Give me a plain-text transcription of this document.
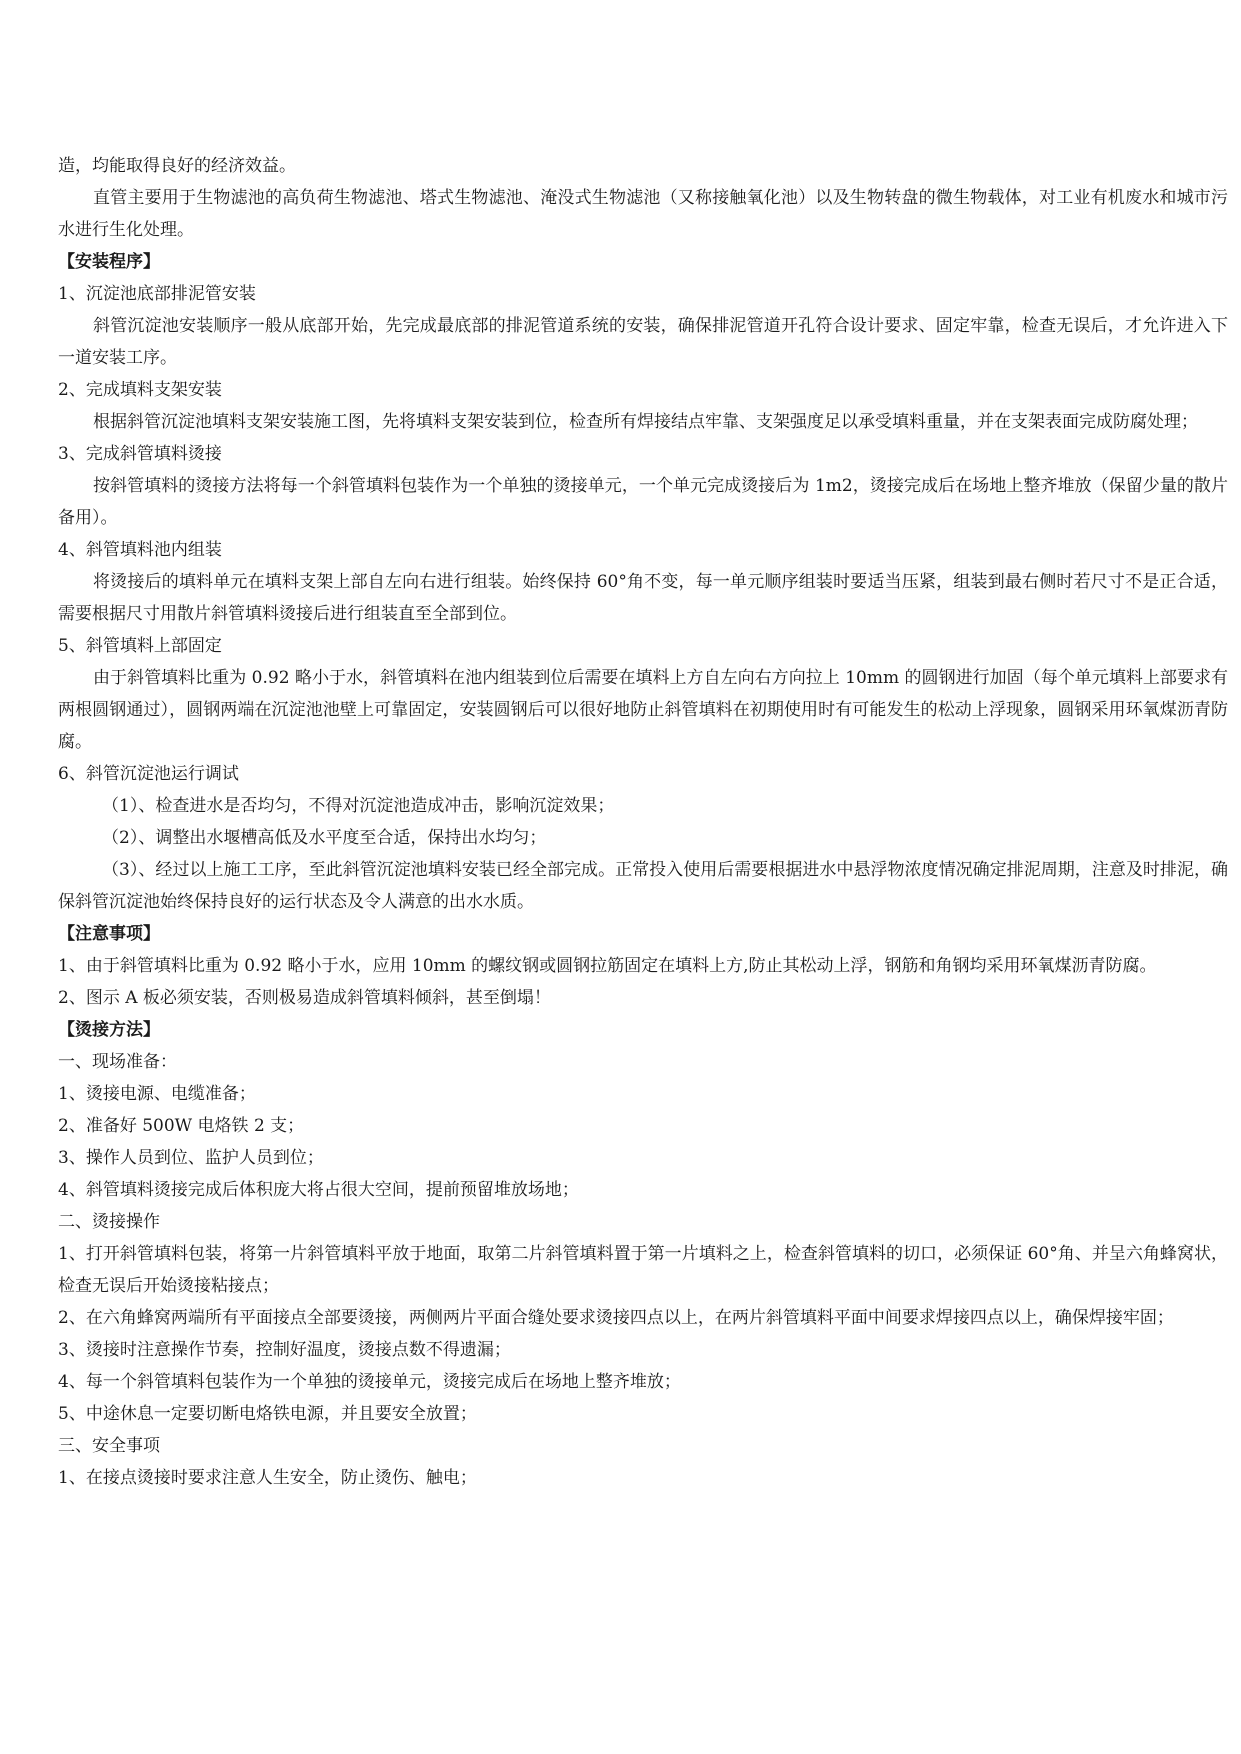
造，均能取得良好的经济效益。

直管主要用于生物滤池的高负荷生物滤池、塔式生物滤池、淹没式生物滤池（又称接触氧化池）以及生物转盘的微生物载体，对工业有机废水和城市污水进行生化处理。

【安装程序】

1、沉淀池底部排泥管安装

斜管沉淀池安装顺序一般从底部开始，先完成最底部的排泥管道系统的安装，确保排泥管道开孔符合设计要求、固定牢靠，检查无误后，才允许进入下一道安装工序。

2、完成填料支架安装

根据斜管沉淀池填料支架安装施工图，先将填料支架安装到位，检查所有焊接结点牢靠、支架强度足以承受填料重量，并在支架表面完成防腐处理；

3、完成斜管填料烫接

按斜管填料的烫接方法将每一个斜管填料包装作为一个单独的烫接单元，一个单元完成烫接后为 1m2，烫接完成后在场地上整齐堆放（保留少量的散片备用）。

4、斜管填料池内组装

将烫接后的填料单元在填料支架上部自左向右进行组装。始终保持 60°角不变，每一单元顺序组装时要适当压紧，组装到最右侧时若尺寸不是正合适，需要根据尺寸用散片斜管填料烫接后进行组装直至全部到位。

5、斜管填料上部固定

由于斜管填料比重为 0.92 略小于水，斜管填料在池内组装到位后需要在填料上方自左向右方向拉上 10mm 的圆钢进行加固（每个单元填料上部要求有两根圆钢通过），圆钢两端在沉淀池池壁上可靠固定，安装圆钢后可以很好地防止斜管填料在初期使用时有可能发生的松动上浮现象，圆钢采用环氧煤沥青防腐。

6、斜管沉淀池运行调试

（1）、检查进水是否均匀，不得对沉淀池造成冲击，影响沉淀效果；

（2）、调整出水堰槽高低及水平度至合适，保持出水均匀；

（3）、经过以上施工工序，至此斜管沉淀池填料安装已经全部完成。正常投入使用后需要根据进水中悬浮物浓度情况确定排泥周期，注意及时排泥，确保斜管沉淀池始终保持良好的运行状态及令人满意的出水水质。

【注意事项】

1、由于斜管填料比重为 0.92 略小于水，应用 10mm 的螺纹钢或圆钢拉筋固定在填料上方,防止其松动上浮，钢筋和角钢均采用环氧煤沥青防腐。

2、图示 A 板必须安装，否则极易造成斜管填料倾斜，甚至倒塌！

【烫接方法】

一、现场准备：

1、烫接电源、电缆准备；

2、准备好 500W 电烙铁 2 支；

3、操作人员到位、监护人员到位；

4、斜管填料烫接完成后体积庞大将占很大空间，提前预留堆放场地；

二、烫接操作

1、打开斜管填料包装，将第一片斜管填料平放于地面，取第二片斜管填料置于第一片填料之上，检查斜管填料的切口，必须保证 60°角、并呈六角蜂窝状，检查无误后开始烫接粘接点；

2、在六角蜂窝两端所有平面接点全部要烫接，两侧两片平面合缝处要求烫接四点以上，在两片斜管填料平面中间要求焊接四点以上，确保焊接牢固；

3、烫接时注意操作节奏，控制好温度，烫接点数不得遗漏；

4、每一个斜管填料包装作为一个单独的烫接单元，烫接完成后在场地上整齐堆放；

5、中途休息一定要切断电烙铁电源，并且要安全放置；

三、安全事项

1、在接点烫接时要求注意人生安全，防止烫伤、触电；
